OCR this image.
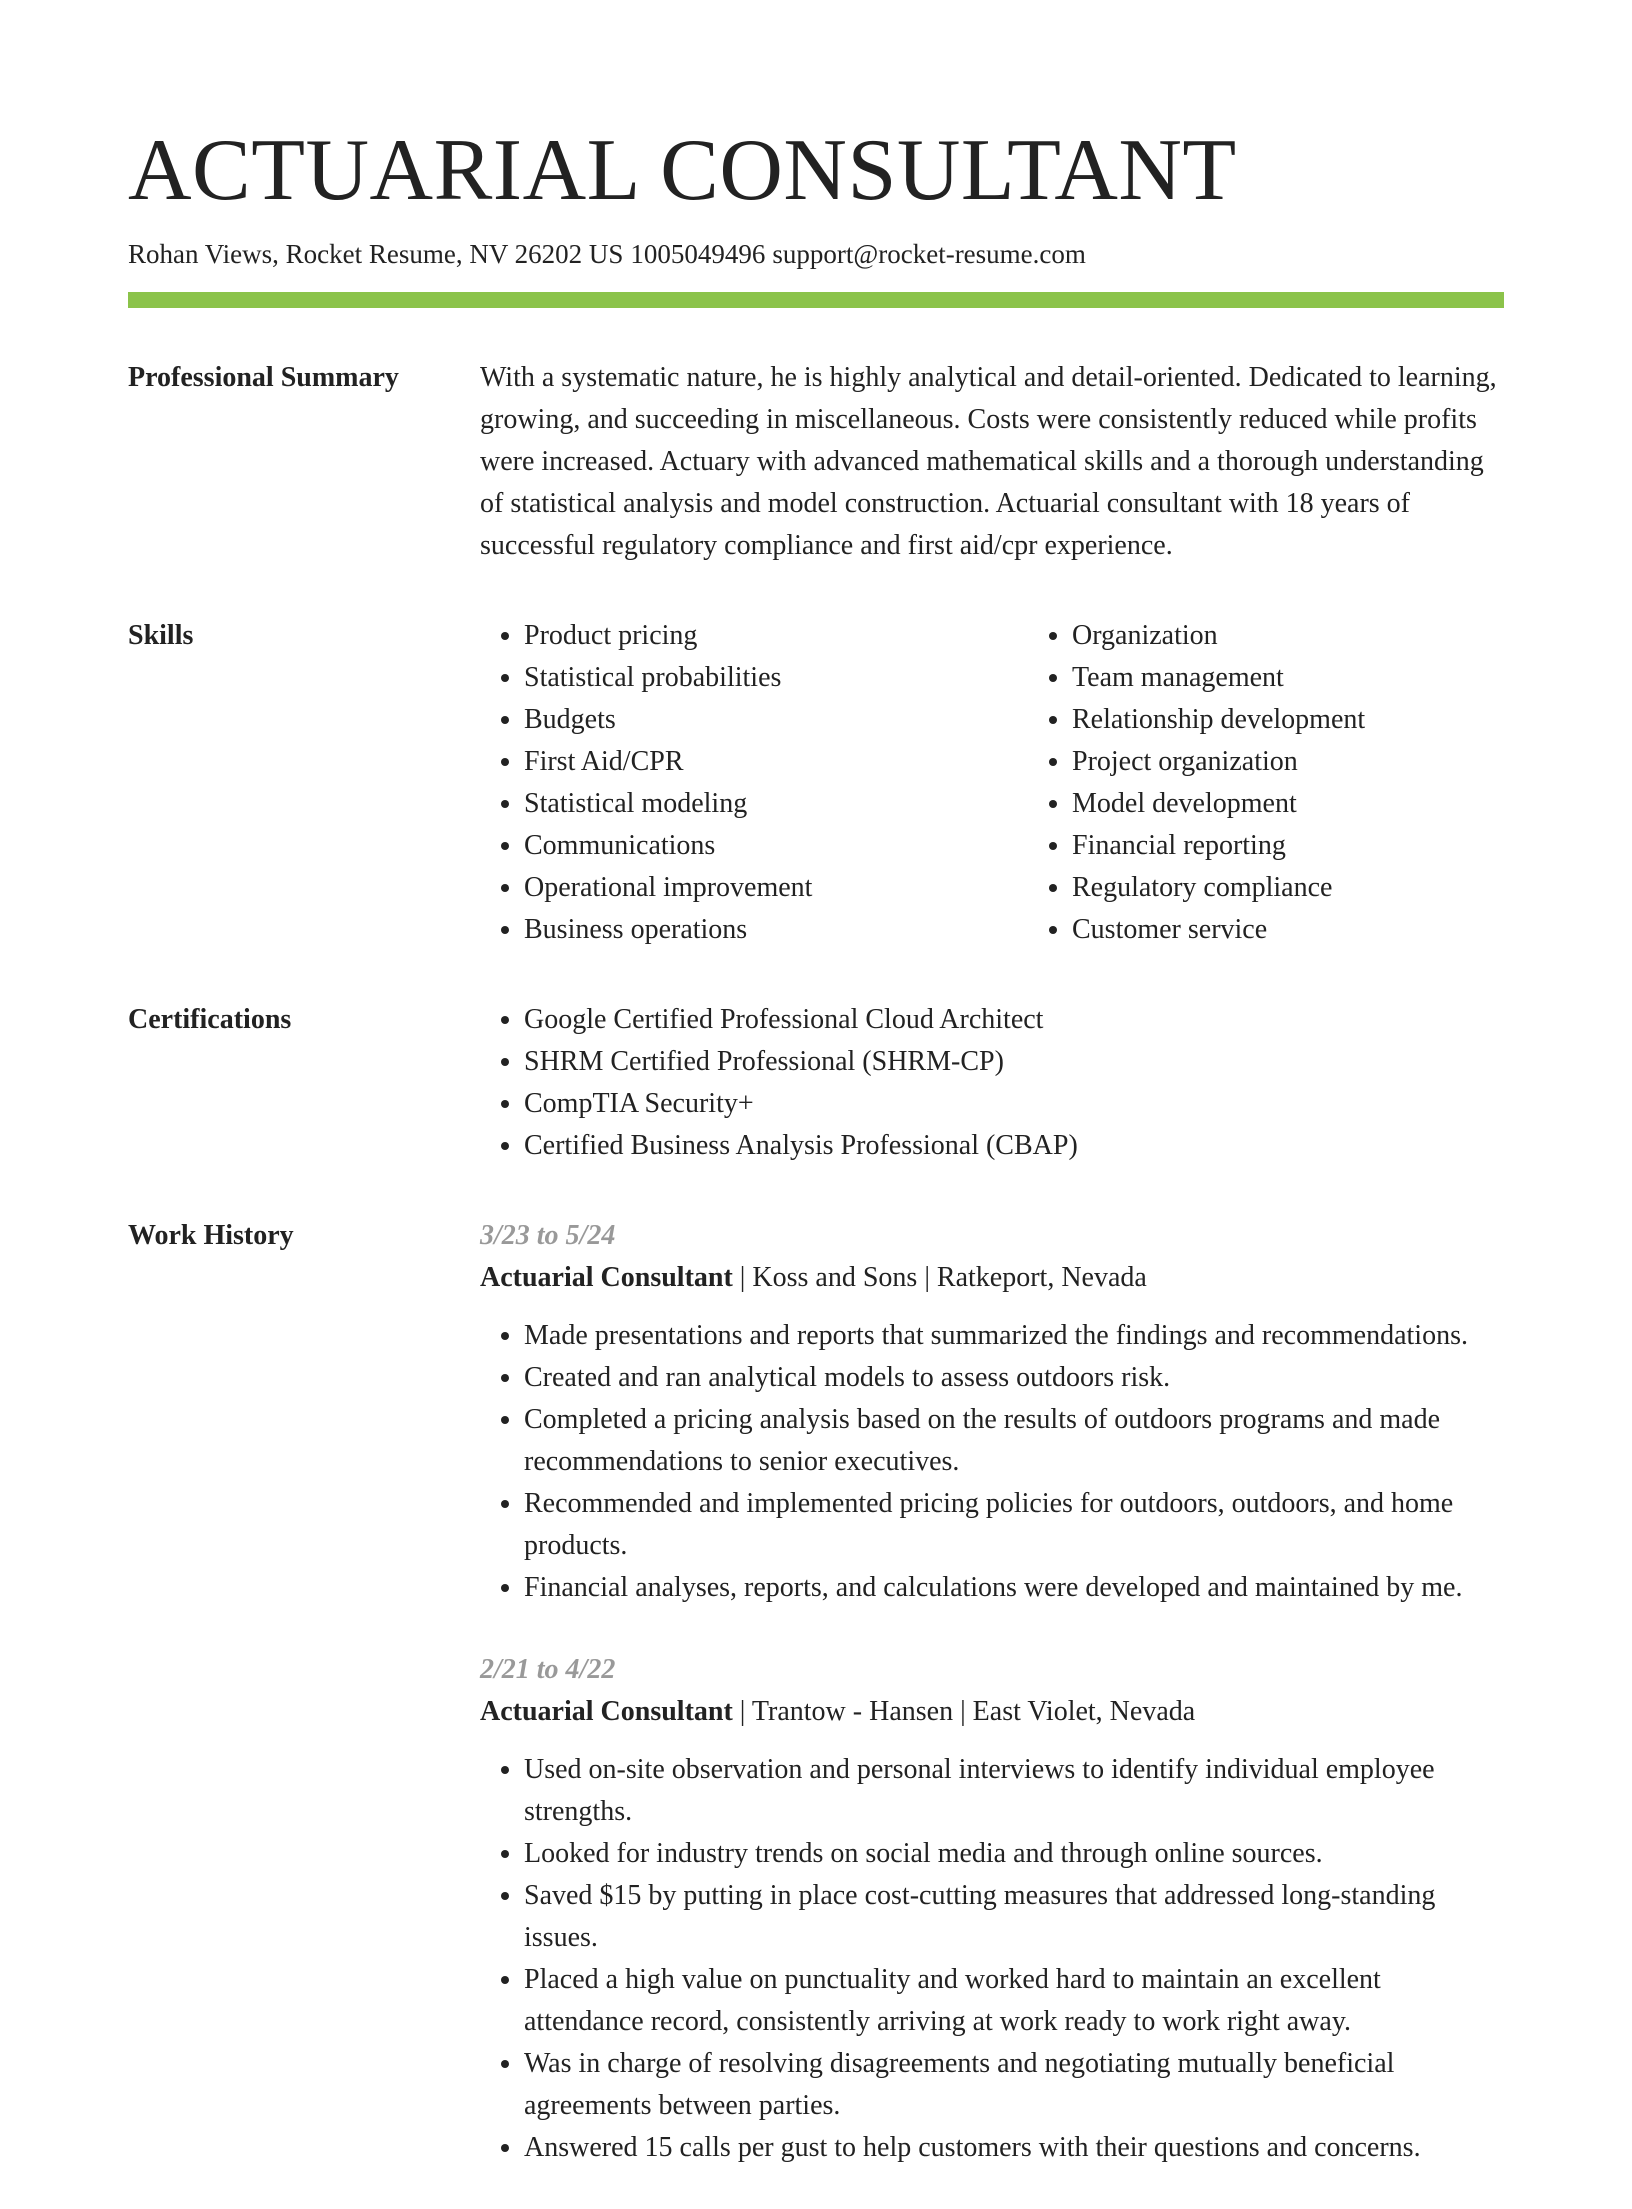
ACTUARIAL CONSULTANT
Rohan Views, Rocket Resume, NV 26202 US 1005049496 support@rocket-resume.com
Professional Summary	With a systematic nature, he is highly analytical and detail-oriented. Dedicated to learning, growing, and succeeding in miscellaneous. Costs were consistently reduced while profits were increased. Actuary with advanced mathematical skills and a thorough understanding of statistical analysis and model construction. Actuarial consultant with 18 years of successful regulatory compliance and first aid/cpr experience.

Skills	• Product pricing
• Statistical probabilities
• Budgets
• First Aid/CPR
• Statistical modeling
• Communications
• Operational improvement
• Business operations
• Organization
• Team management
• Relationship development
• Project organization
• Model development
• Financial reporting
• Regulatory compliance
• Customer service
Certifications	• Google Certified Professional Cloud Architect
• SHRM Certified Professional (SHRM-CP)
• CompTIA Security+
• Certified Business Analysis Professional (CBAP)
Work History	3/23 to 5/24
Actuarial Consultant | Koss and Sons | Ratkeport, Nevada
• Made presentations and reports that summarized the findings and recommendations.
• Created and ran analytical models to assess outdoors risk.
• Completed a pricing analysis based on the results of outdoors programs and made recommendations to senior executives.
• Recommended and implemented pricing policies for outdoors, outdoors, and home products.
• Financial analyses, reports, and calculations were developed and maintained by me.
2/21 to 4/22
Actuarial Consultant | Trantow - Hansen | East Violet, Nevada
• Used on-site observation and personal interviews to identify individual employee strengths.
• Looked for industry trends on social media and through online sources.
• Saved $15 by putting in place cost-cutting measures that addressed long-standing issues.
• Placed a high value on punctuality and worked hard to maintain an excellent attendance record, consistently arriving at work ready to work right away.
• Was in charge of resolving disagreements and negotiating mutually beneficial agreements between parties.
• Answered 15 calls per gust to help customers with their questions and concerns.
